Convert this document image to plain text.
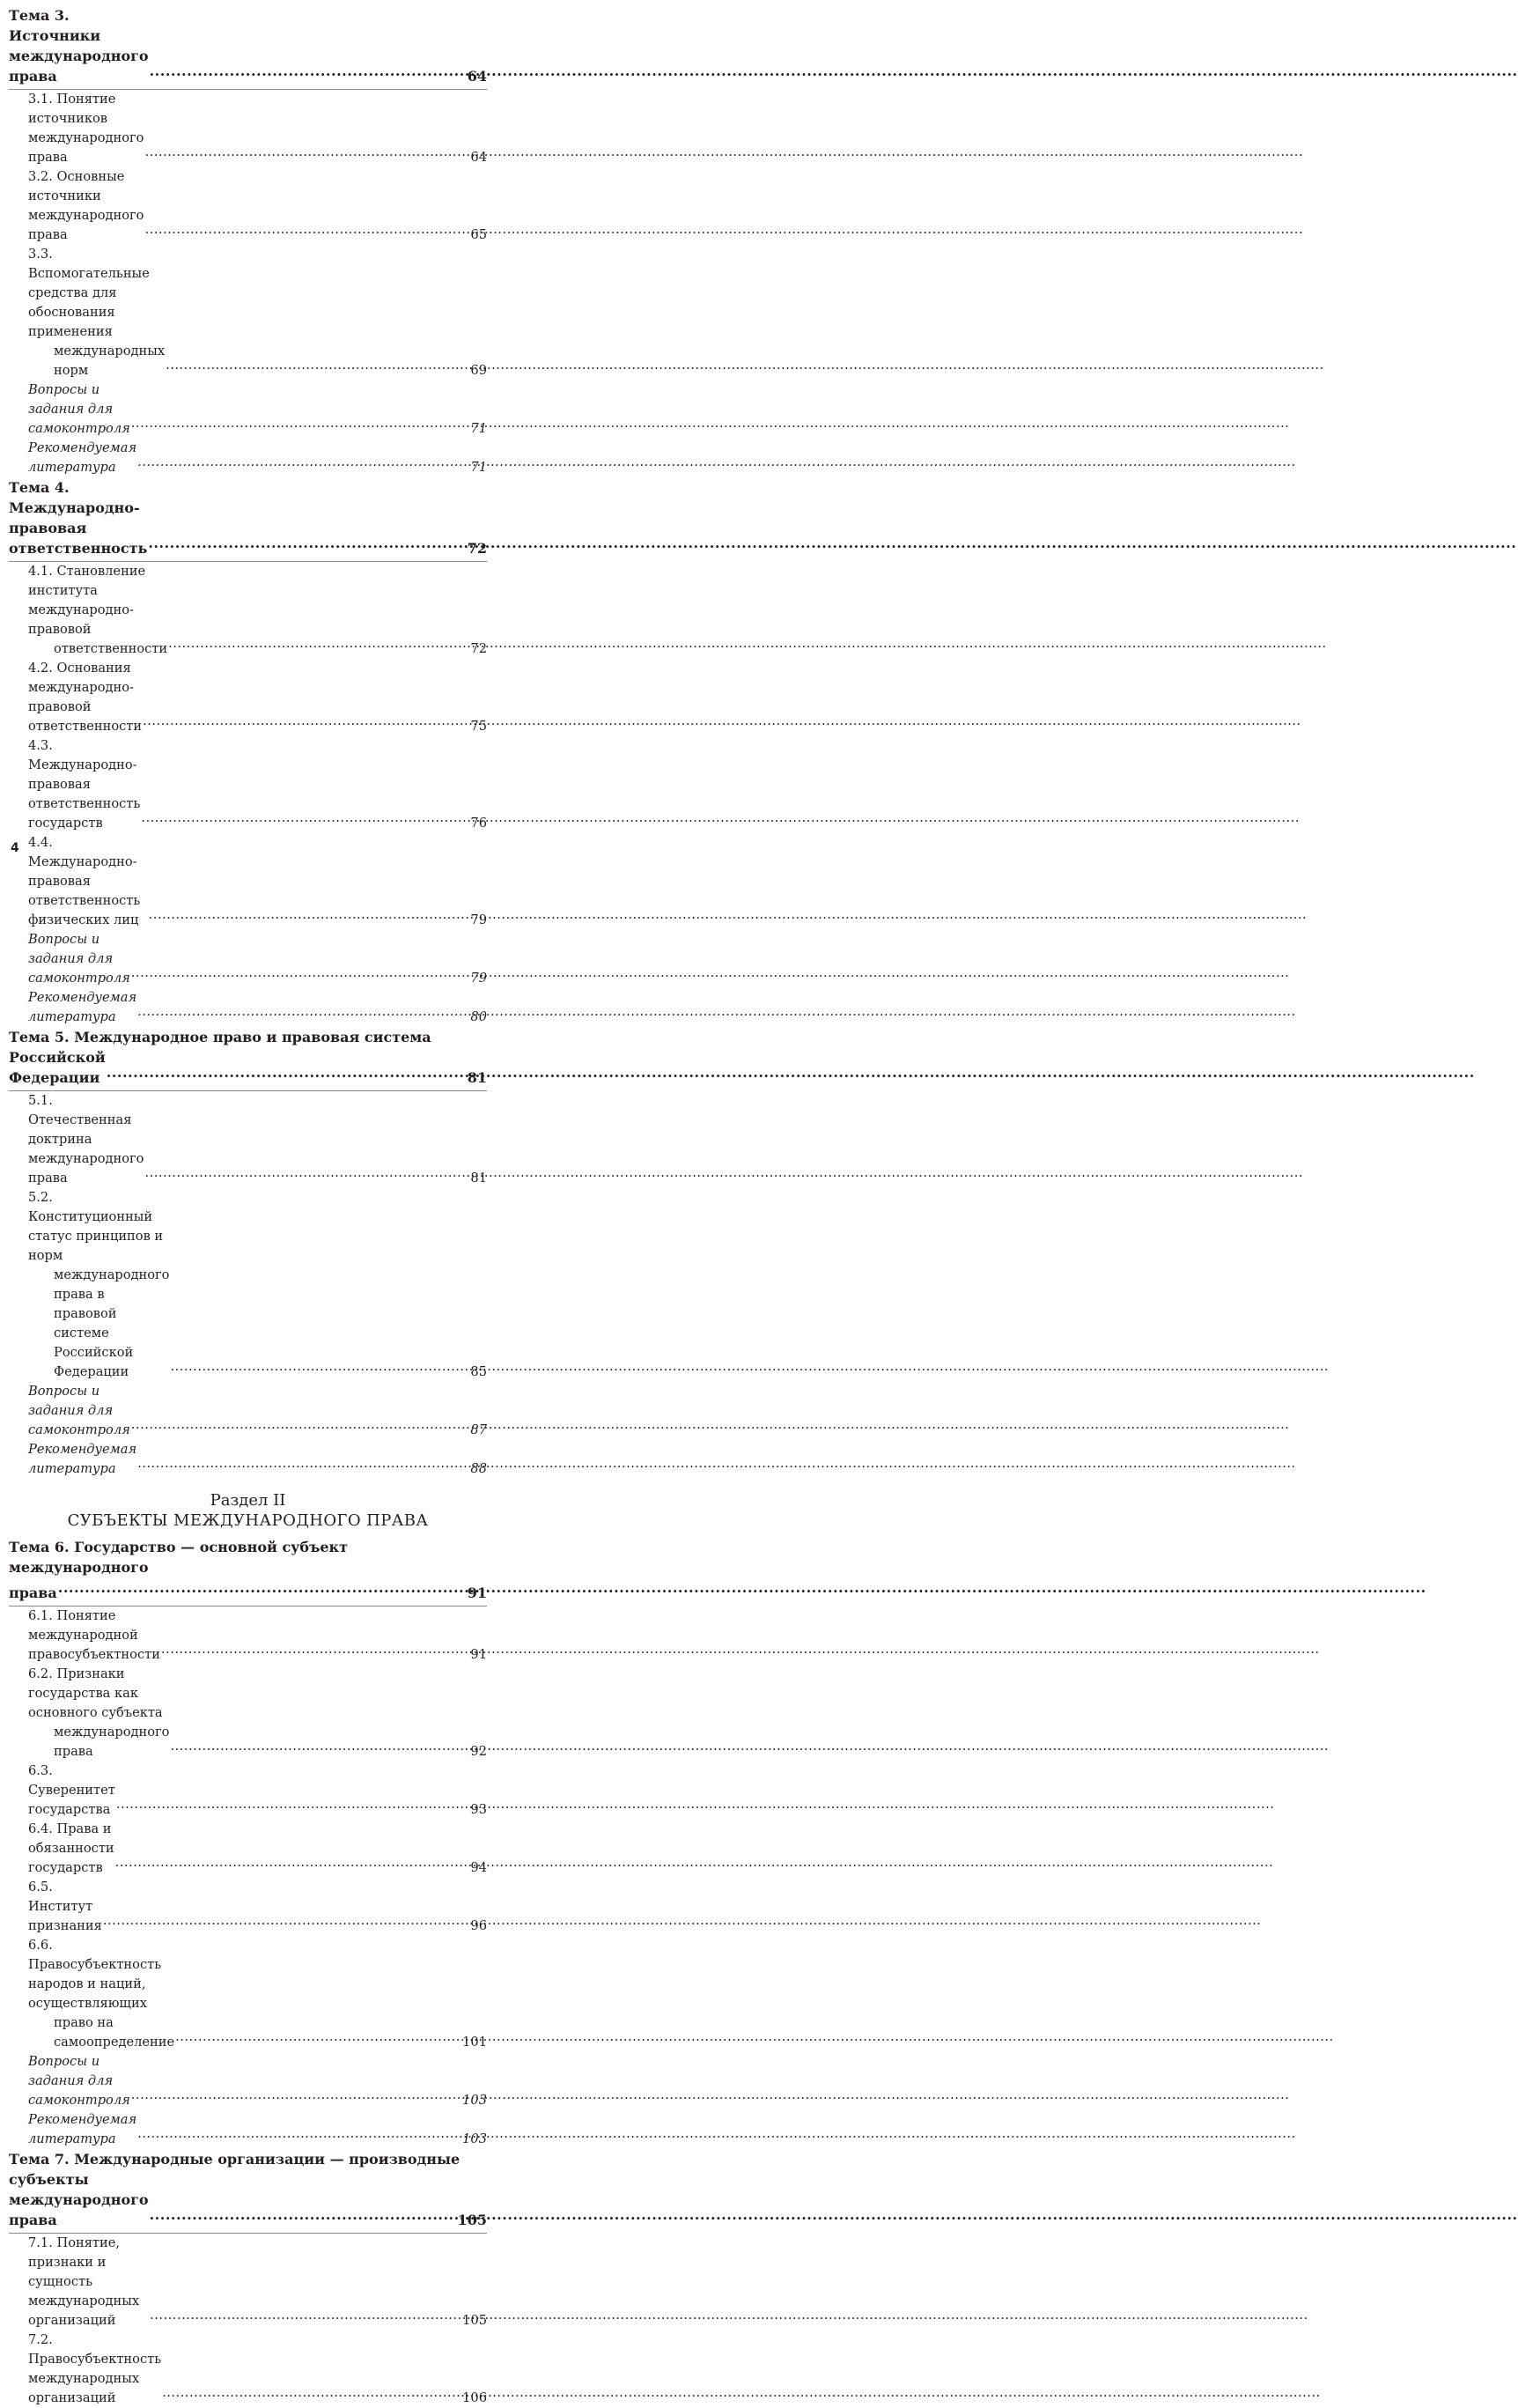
Тема 3. Источники международного права .....	64
3.1. Понятие источников международного права .....	64
3.2. Основные источники международного права .....	65
3.3. Вспомогательные средства для обоснования применения
международных норм .....	69
Вопросы и задания для самоконтроля .....	71
Рекомендуемая литература .....	71
Тема 4. Международно-правовая ответственность .....	72
4.1. Становление института международно-правовой
ответственности .....	72
4.2. Основания международно-правовой ответственности .....	75
4.3. Международно-правовая ответственность государств .....	76
4.4. Международно-правовая ответственность физических лиц .....	79
Вопросы и задания для самоконтроля .....	79
Рекомендуемая литература .....	80
Тема 5. Международное право и правовая система
Российской Федерации .....	81
5.1. Отечественная доктрина международного права .....	81
5.2. Конституционный статус принципов и норм
международного права в правовой системе Российской
Федерации .....	85
Вопросы и задания для самоконтроля .....	87
Рекомендуемая литература .....	88
Раздел II
СУБЪЕКТЫ МЕЖДУНАРОДНОГО ПРАВА
Тема 6. Государство — основной субъект международного
права .....	91
6.1. Понятие международной правосубъектности .....	91
6.2. Признаки государства как основного субъекта
международного права .....	92
6.3. Суверенитет государства .....	93
6.4. Права и обязанности государств .....	94
6.5. Институт признания .....	96
6.6. Правосубъектность народов и наций, осуществляющих
право на самоопределение .....	101
Вопросы и задания для самоконтроля .....	103
Рекомендуемая литература .....	103
Тема 7. Международные организации — производные
субъекты международного права .....	105
7.1. Понятие, признаки и сущность международных организаций .....	105
7.2. Правосубъектность международных организаций .....	106
4
